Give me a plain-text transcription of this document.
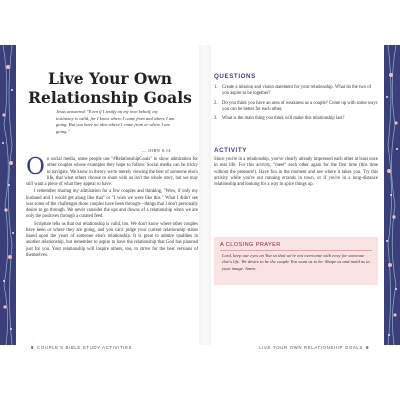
Live Your Own Relationship Goals
Jesus answered, "Even if I testify on my own behalf, my testimony is valid, for I know where I came from and where I am going. But you have no idea where I come from or where I am going."
— JOHN 8:14

On social media, some people use "#RelationshipGoals" to show admiration for other couples whose examples they hope to follow. Social media can be tricky to navigate. We know in theory we're merely viewing the best of someone else's life, that what others choose to share with us isn't the whole story, but we may still want a piece of what they appear to have.

I remember sharing my admiration for a few couples and thinking, "Wow, if only my husband and I would get along like that" or "I wish we were like this." What I didn't see was some of the challenges those couples have been through—things that I don't personally desire to go through. We never consider the ups and downs of a relationship when we are only the positives through a curated feed.

Scripture tells us that our relationship is valid, too. We don't know where other couples have been or where they are going, and you can't judge your current relationship status based upon the years of someone else's relationship. It is great to admire qualities in another relationship, but remember to aspire to have the relationship that God has planned just for you. Your relationship will inspire others, too, to strive for the best versions of themselves.

8 COUPLE'S BIBLE STUDY ACTIVITIES
QUESTIONS
1. Create a mission and vision statement for your relationship. What do the two of you aspire to be together?
2. Do you think you have an area of weakness as a couple? Come up with some ways you can be better for each other.
3. What is the main thing you think will make this relationship last?
ACTIVITY

Since you're in a relationship, you've clearly already impressed each other at least once in real life. For this activity, "meet" each other again for the first time (this time without the pressure!). Have fun in the moment and see where it takes you. Try this activity while you're out running errands in town, or if you're in a long-distance relationship and looking for a way to spice things up.

A CLOSING PRAYER

Lord, keep our eyes on You so that we're not overcome with envy for someone else's life. We desire to be the couple You want us to be. Shape us and mold us in your image. Amen.

LIVE YOUR OWN RELATIONSHIP GOALS 9
